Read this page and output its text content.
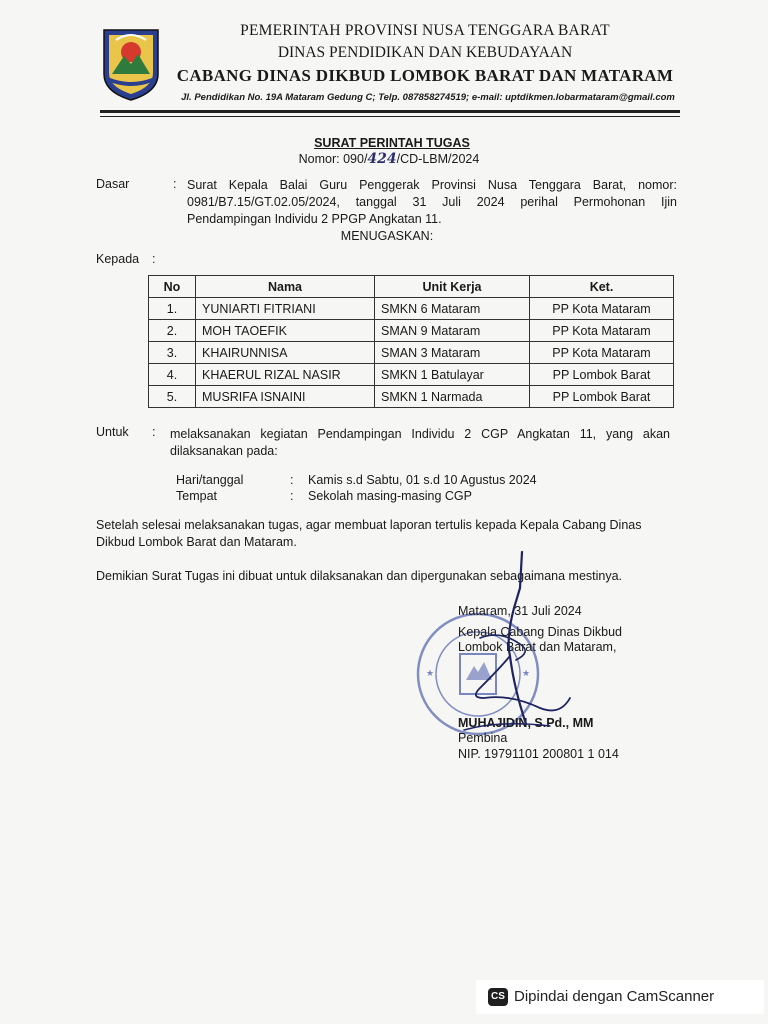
PEMERINTAH PROVINSI NUSA TENGGARA BARAT
DINAS PENDIDIKAN DAN KEBUDAYAAN
CABANG DINAS DIKBUD LOMBOK BARAT DAN MATARAM
Jl. Pendidikan No. 19A Mataram Gedung C; Telp. 087858274519; e-mail: uptdikmen.lobarmataram@gmail.com
SURAT PERINTAH TUGAS
Nomor: 090/424/CD-LBM/2024
Dasar	: Surat Kepala Balai Guru Penggerak Provinsi Nusa Tenggara Barat, nomor: 0981/B7.15/GT.02.05/2024, tanggal 31 Juli 2024 perihal Permohonan Ijin Pendampingan Individu 2 PPGP Angkatan 11.
MENUGASKAN:
Kepada :
No	Nama	Unit Kerja	Ket.
1.	YUNIARTI FITRIANI	SMKN 6 Mataram	PP Kota Mataram
2.	MOH TAOEFIK	SMAN 9 Mataram	PP Kota Mataram
3.	KHAIRUNNISA	SMAN 3 Mataram	PP Kota Mataram
4.	KHAERUL RIZAL NASIR	SMKN 1 Batulayar	PP Lombok Barat
5.	MUSRIFA ISNAINI	SMKN 1 Narmada	PP Lombok Barat
Untuk : melaksanakan kegiatan Pendampingan Individu 2 CGP Angkatan 11, yang akan dilaksanakan pada:
Hari/tanggal	: Kamis s.d Sabtu, 01 s.d 10 Agustus 2024
Tempat	: Sekolah masing-masing CGP
Setelah selesai melaksanakan tugas, agar membuat laporan tertulis kepada Kepala Cabang Dinas Dikbud Lombok Barat dan Mataram.
Demikian Surat Tugas ini dibuat untuk dilaksanakan dan dipergunakan sebagaimana mestinya.
★	★
Mataram, 31 Juli 2024
Kepala Cabang Dinas Dikbud
Lombok Barat dan Mataram,
MUHAJIDIN, S.Pd., MM
Pembina
NIP. 19791101 200801 1 014
CS Dipindai dengan CamScanner
